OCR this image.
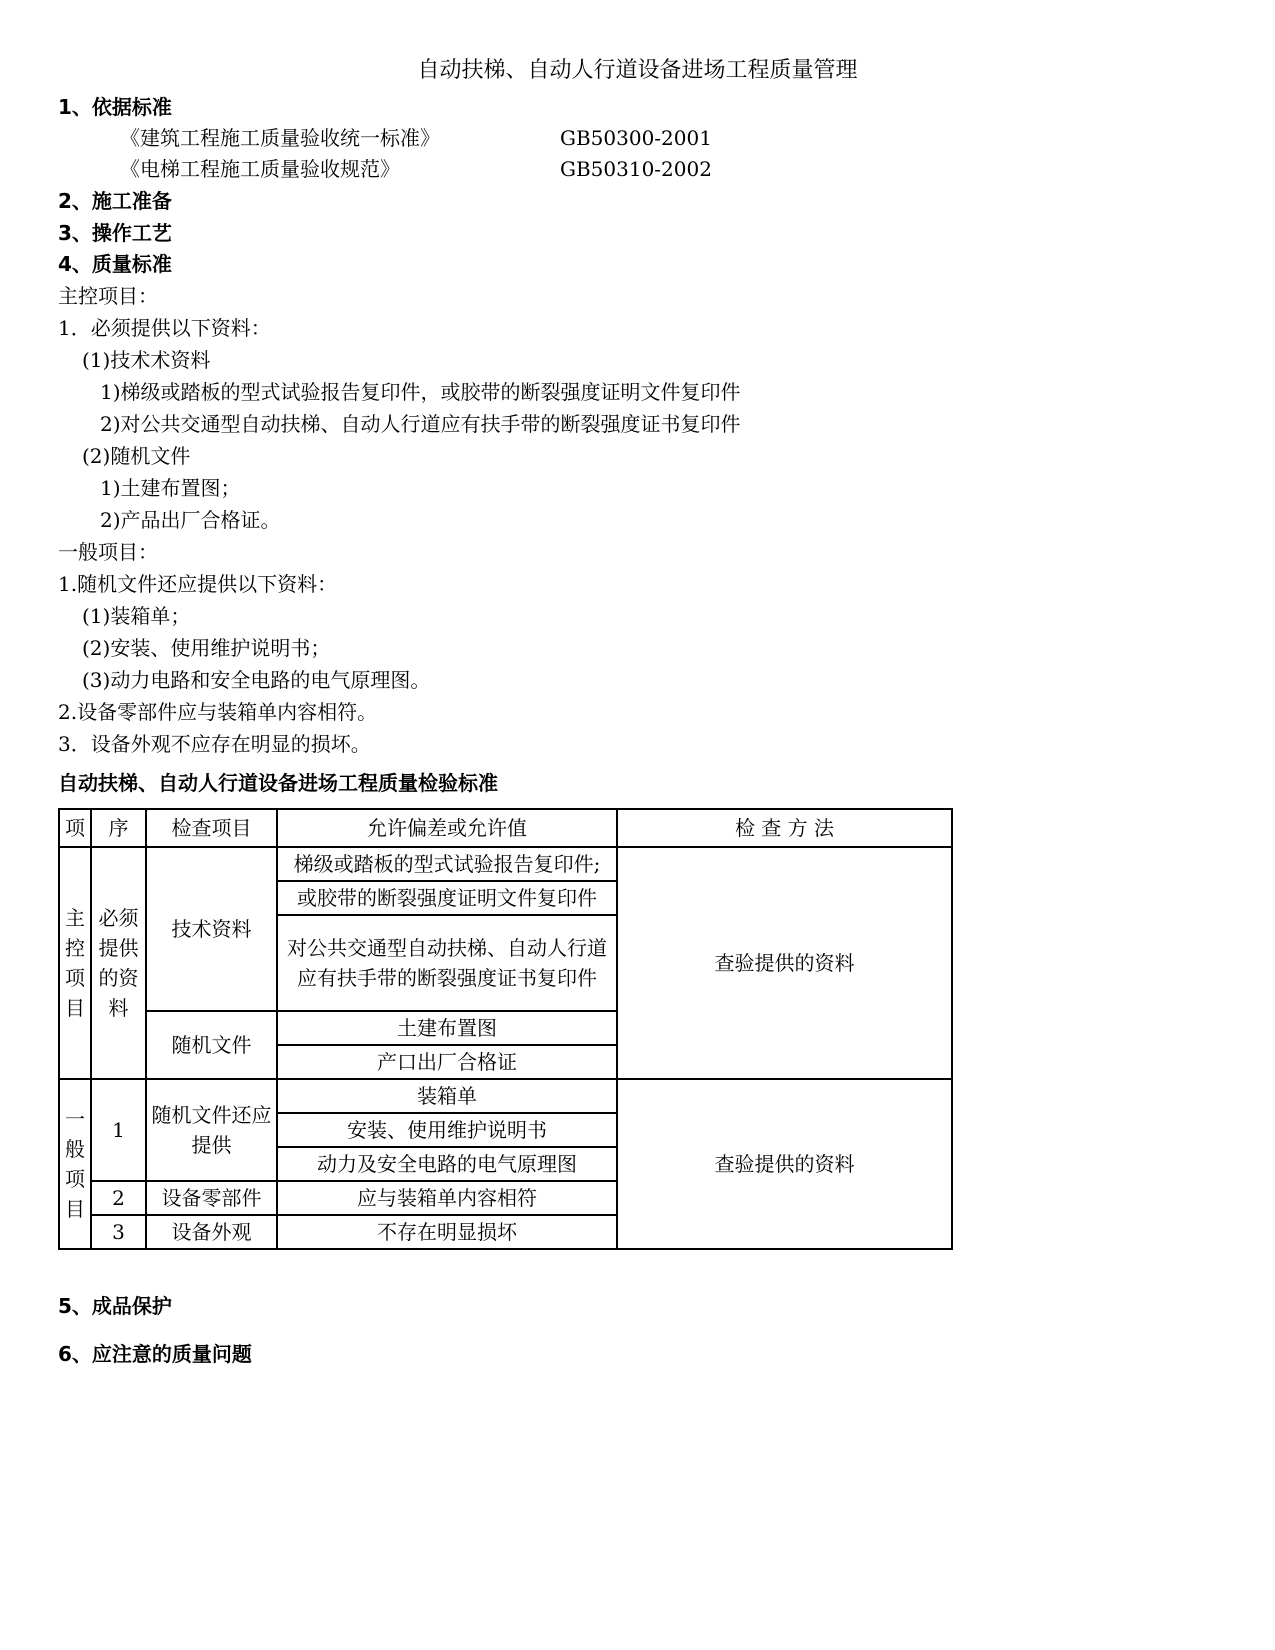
自动扶梯、自动人行道设备进场工程质量管理
1、依据标准
《建筑工程施工质量验收统一标准》	GB50300-2001
《电梯工程施工质量验收规范》	GB50310-2002
2、施工准备
3、操作工艺
4、质量标准
主控项目：
1．必须提供以下资料：
(1)技术术资料
1)梯级或踏板的型式试验报告复印件，或胶带的断裂强度证明文件复印件
2)对公共交通型自动扶梯、自动人行道应有扶手带的断裂强度证书复印件
(2)随机文件
1)土建布置图；
2)产品出厂合格证。
一般项目：
1.随机文件还应提供以下资料：
(1)装箱单；
(2)安装、使用维护说明书；
(3)动力电路和安全电路的电气原理图。
2.设备零部件应与装箱单内容相符。
3．设备外观不应存在明显的损坏。
自动扶梯、自动人行道设备进场工程质量检验标准
项	序	检查项目	允许偏差或允许值	检 查 方 法
主控项目	必须提供的资料	技术资料	梯级或踏板的型式试验报告复印件;	查验提供的资料
			或胶带的断裂强度证明文件复印件	
			对公共交通型自动扶梯、自动人行道应有扶手带的断裂强度证书复印件	
		随机文件	土建布置图	
			产口出厂合格证	
一般项目	1	随机文件还应提供	装箱单	查验提供的资料
			安装、使用维护说明书	
			动力及安全电路的电气原理图	
	2	设备零部件	应与装箱单内容相符	
	3	设备外观	不存在明显损坏	
5、成品保护
6、应注意的质量问题
